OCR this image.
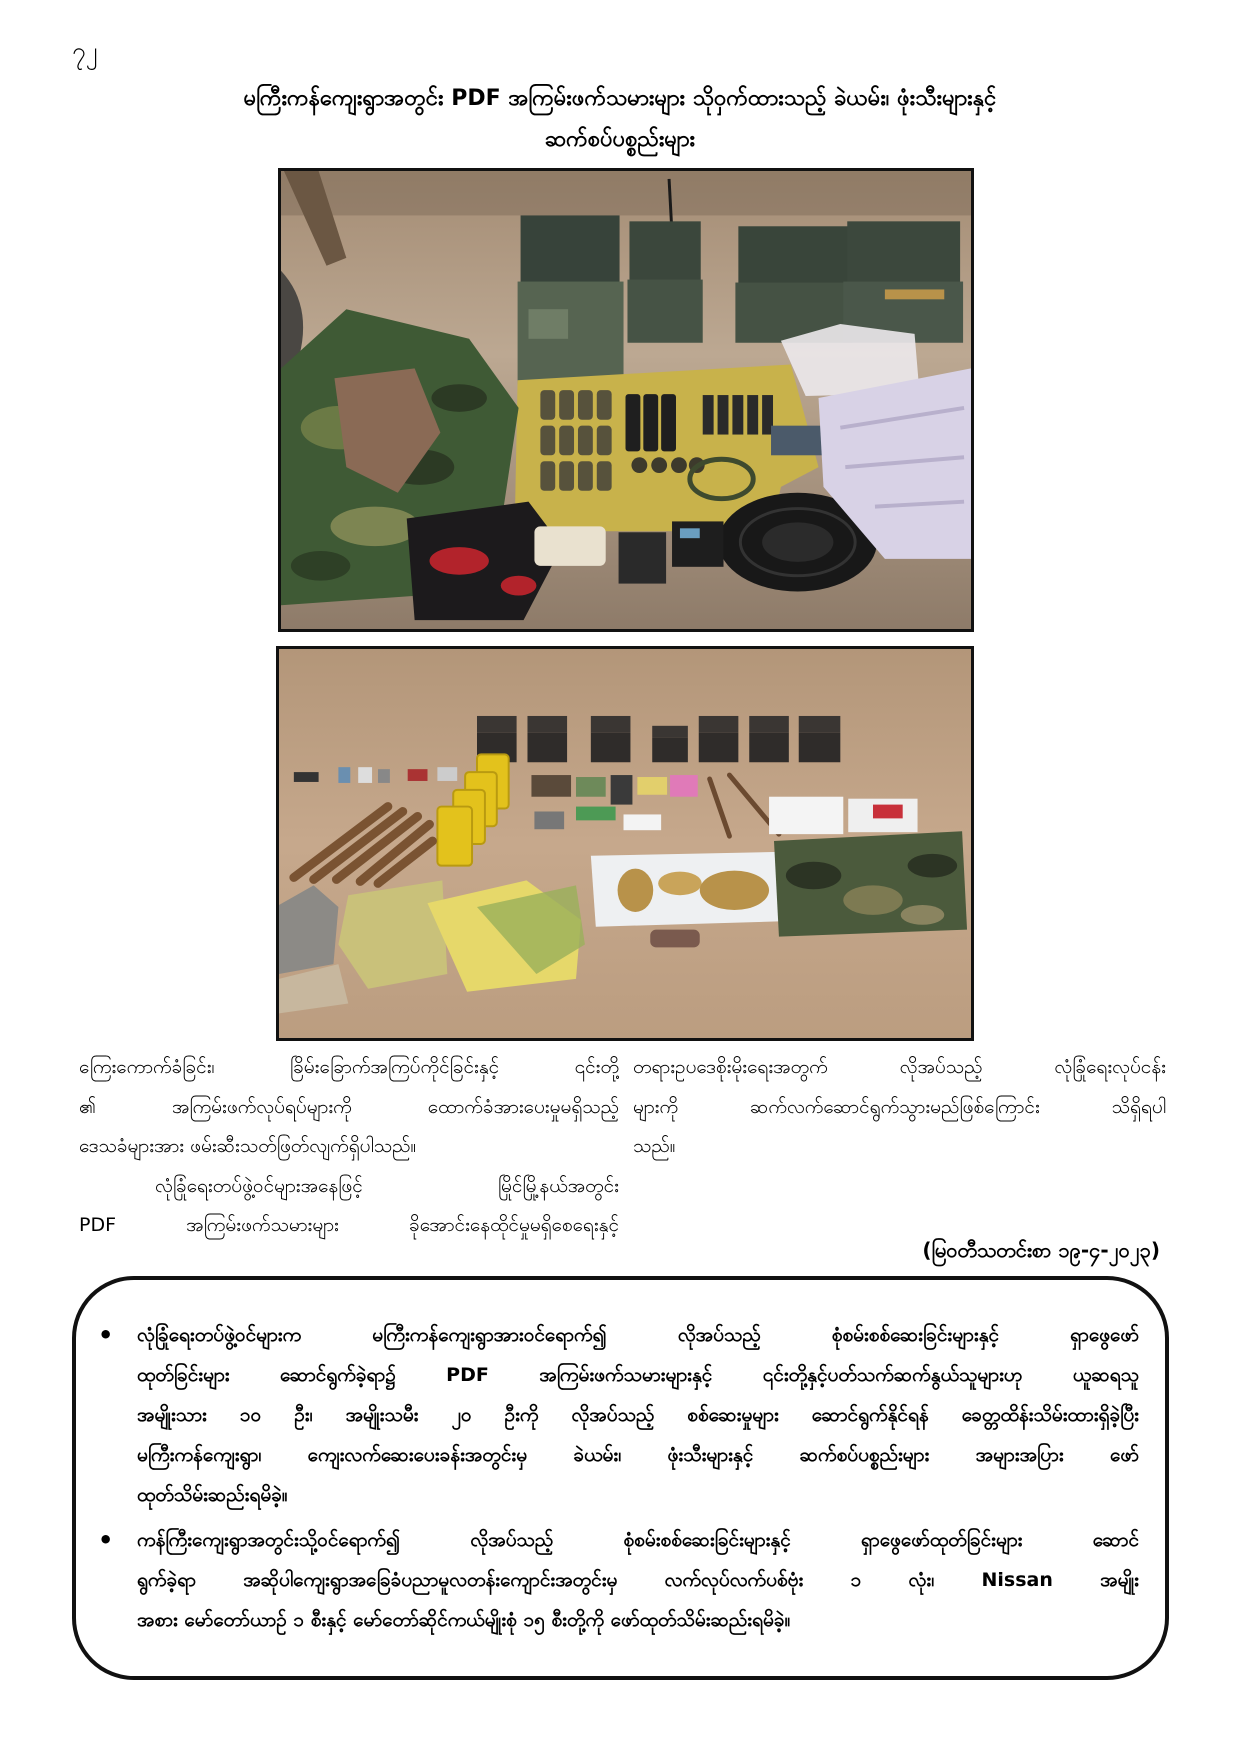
၇၂
မကြီးကန်ကျေးရွာအတွင်း PDF အကြမ်းဖက်သမားများ သိုဝှက်ထားသည့် ခဲယမ်း၊ ဖုံးသီးများနှင့်
ဆက်စပ်ပစ္စည်းများ
ကြေးကောက်ခံခြင်း၊ ခြိမ်းခြောက်အကြပ်ကိုင်ခြင်းနှင့် ၎င်းတို့
၏ အကြမ်းဖက်လုပ်ရပ်များကို ထောက်ခံအားပေးမှုမရှိသည့်
ဒေသခံများအား ဖမ်းဆီးသတ်ဖြတ်လျက်ရှိပါသည်။
လုံခြုံရေးတပ်ဖွဲ့ဝင်များအနေဖြင့် မြိုင်မြို့နယ်အတွင်း
PDF အကြမ်းဖက်သမားများ ခိုအောင်းနေထိုင်မှုမရှိစေရေးနှင့်
တရားဥပဒေစိုးမိုးရေးအတွက် လိုအပ်သည့် လုံခြုံရေးလုပ်ငန်း
များကို ဆက်လက်ဆောင်ရွက်သွားမည်ဖြစ်ကြောင်း သိရှိရပါ
သည်။
(မြဝတီသတင်းစာ ၁၉-၄-၂၀၂၃)
• လုံခြုံရေးတပ်ဖွဲ့ဝင်များက မကြီးကန်ကျေးရွာအားဝင်ရောက်၍ လိုအပ်သည့် စုံစမ်းစစ်ဆေးခြင်းများနှင့် ရှာဖွေဖော်
ထုတ်ခြင်းများ ဆောင်ရွက်ခဲ့ရာ၌ PDF အကြမ်းဖက်သမားများနှင့် ၎င်းတို့နှင့်ပတ်သက်ဆက်နွယ်သူများဟု ယူဆရသူ
အမျိုးသား ၁၀ ဦး၊ အမျိုးသမီး ၂၀ ဦးကို လိုအပ်သည့် စစ်ဆေးမှုများ ဆောင်ရွက်နိုင်ရန် ခေတ္တထိန်းသိမ်းထားရှိခဲ့ပြီး
မကြီးကန်ကျေးရွာ၊ ကျေးလက်ဆေးပေးခန်းအတွင်းမှ ခဲယမ်း၊ ဖုံးသီးများနှင့် ဆက်စပ်ပစ္စည်းများ အများအပြား ဖော်
ထုတ်သိမ်းဆည်းရမိခဲ့။
• ကန်ကြီးကျေးရွာအတွင်းသို့ဝင်ရောက်၍ လိုအပ်သည့် စုံစမ်းစစ်ဆေးခြင်းများနှင့် ရှာဖွေဖော်ထုတ်ခြင်းများ ဆောင်
ရွက်ခဲ့ရာ အဆိုပါကျေးရွာအခြေခံပညာမူလတန်းကျောင်းအတွင်းမှ လက်လုပ်လက်ပစ်ဗုံး ၁ လုံး၊ Nissan အမျိုး
အစား မော်တော်ယာဉ် ၁ စီးနှင့် မော်တော်ဆိုင်ကယ်မျိုးစုံ ၁၅ စီးတို့ကို ဖော်ထုတ်သိမ်းဆည်းရမိခဲ့။
